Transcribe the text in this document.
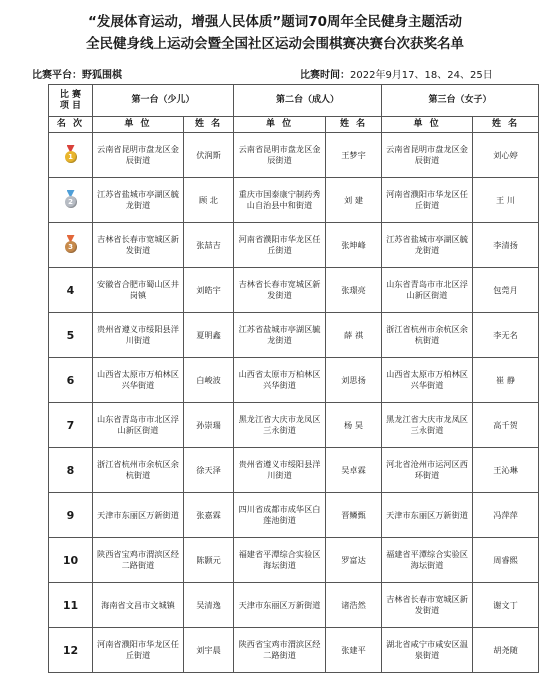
“发展体育运动，增强人民体质”题词70周年全民健身主题活动
全民健身线上运动会暨全国社区运动会围棋赛决赛台次获奖名单
比赛平台：野狐围棋	比赛时间：2022年9月17、18、24、25日
比 赛
项 目	第一台（少儿）		第二台（成人）		第三台（女子）	
名 次	单 位	姓 名	单 位	姓 名	单 位	姓 名

1	云南省昆明市盘龙区金辰街道	伏润斯	云南省昆明市盘龙区金辰街道	王梦宇	云南省昆明市盘龙区金辰街道	刘心婷

2	江苏省盐城市亭湖区毓龙街道	顾 北	重庆市国泰康宁制药秀山自治县中和街道	刘 建	河南省濮阳市华龙区任丘街道	王 川

3	吉林省长春市宽城区新发街道	张喆吉	河南省濮阳市华龙区任丘街道	张坤峰	江苏省盐城市亭湖区毓龙街道	李清扬
4	安徽省合肥市蜀山区井岗镇	刘皓宇	吉林省长春市宽城区新发街道	张璟亮	山东省青岛市市北区浮山新区街道	包莞月
5	贵州省遵义市绥阳县洋川街道	夏明鑫	江苏省盐城市亭湖区毓龙街道	薛 祺	浙江省杭州市余杭区余杭街道	李无名
6	山西省太原市万柏林区兴华街道	白峻波	山西省太原市万柏林区兴华街道	刘思扬	山西省太原市万柏林区兴华街道	崔 静
7	山东省青岛市市北区浮山新区街道	孙崇瑞	黑龙江省大庆市龙凤区三永街道	杨 昊	黑龙江省大庆市龙凤区三永街道	高千贺
8	浙江省杭州市余杭区余杭街道	徐天泽	贵州省遵义市绥阳县洋川街道	吴卓霖	河北省沧州市运河区西环街道	王沁琳
9	天津市东丽区万新街道	张嘉霖	四川省成都市成华区白莲池街道	晋鳞甄	天津市东丽区万新街道	冯萍萍
10	陕西省宝鸡市渭滨区经二路街道	陈颢元	福建省平潭综合实验区海坛街道	罗富达	福建省平潭综合实验区海坛街道	周睿熙
11	海南省文昌市文城镇	吴清逸	天津市东丽区万新街道	诸浩然	吉林省长春市宽城区新发街道	谢文丁
12	河南省濮阳市华龙区任丘街道	刘宇晨	陕西省宝鸡市渭滨区经二路街道	张建平	湖北省咸宁市咸安区温泉街道	胡尧随
